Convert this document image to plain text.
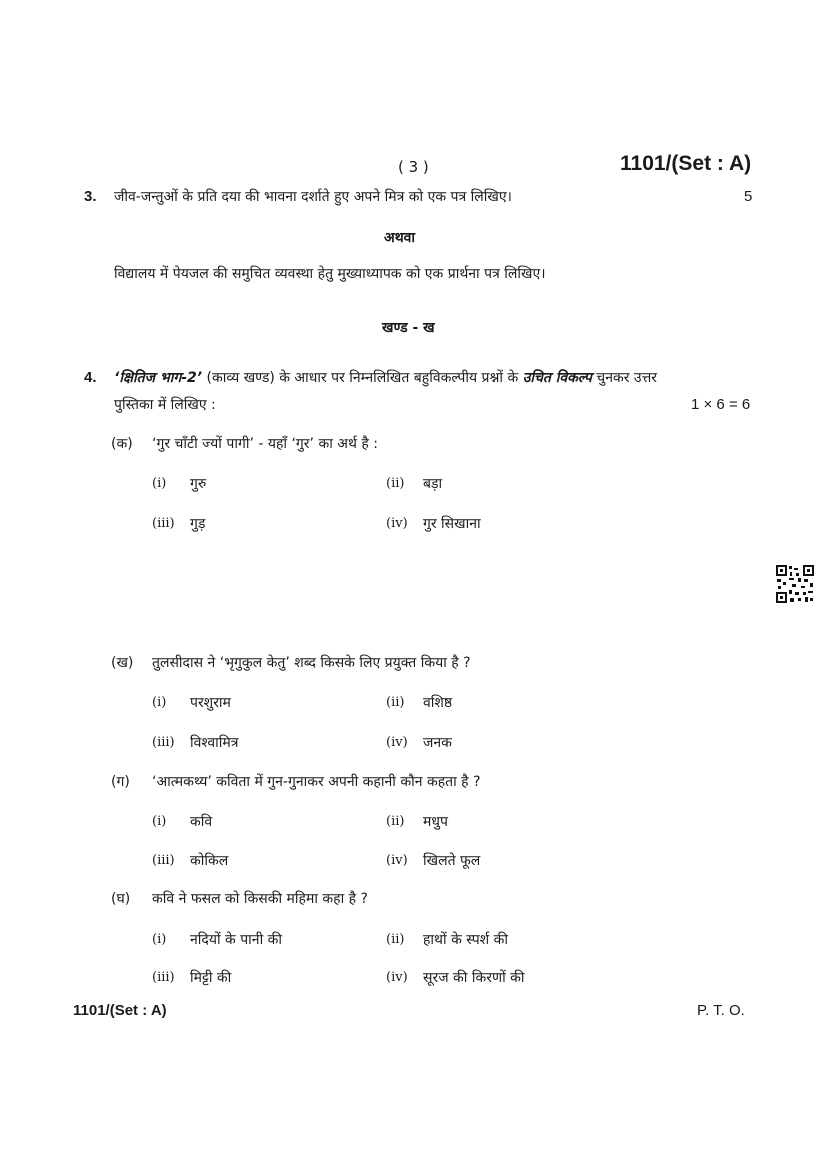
( 3 )	1101/(Set : A)
3. जीव-जन्तुओं के प्रति दया की भावना दर्शाते हुए अपने मित्र को एक पत्र लिखिए।	5
अथवा
विद्यालय में पेयजल की समुचित व्यवस्था हेतु मुख्याध्यापक को एक प्रार्थना पत्र लिखिए।
खण्ड - ख
4. ‘क्षितिज भाग-2’ (काव्य खण्ड) के आधार पर निम्नलिखित बहुविकल्पीय प्रश्नों के उचित विकल्प चुनकर उत्तर
पुस्तिका में लिखिए :	1 × 6 = 6
(क) ‘गुर चाँटी ज्यों पागी’ - यहाँ ‘गुर’ का अर्थ है :
(i) गुरु	(ii) बड़ा
(iii) गुड़	(iv) गुर सिखाना
(ख) तुलसीदास ने ‘भृगुकुल केतु’ शब्द किसके लिए प्रयुक्त किया है ?
(i) परशुराम	(ii) वशिष्ठ
(iii) विश्वामित्र	(iv) जनक
(ग) ‘आत्मकथ्य’ कविता में गुन-गुनाकर अपनी कहानी कौन कहता है ?
(i) कवि	(ii) मधुप
(iii) कोकिल	(iv) खिलते फूल
(घ) कवि ने फसल को किसकी महिमा कहा है ?
(i) नदियों के पानी की	(ii) हाथों के स्पर्श की
(iii) मिट्टी की	(iv) सूरज की किरणों की
1101/(Set : A)	P. T. O.
